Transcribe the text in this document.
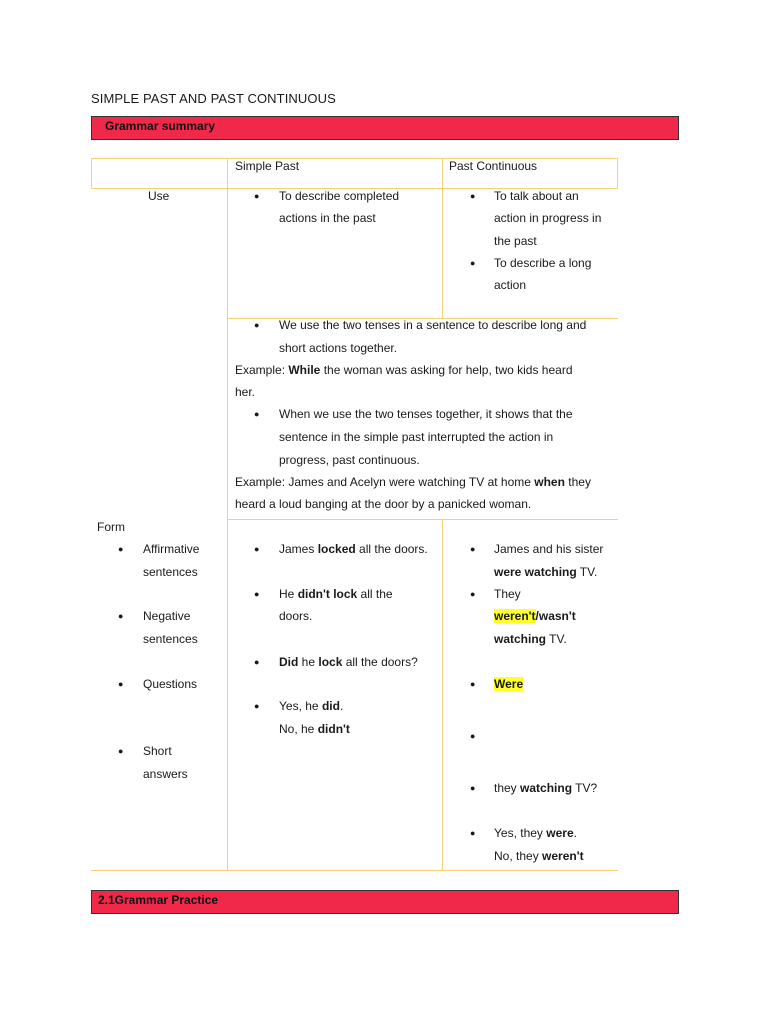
SIMPLE PAST AND PAST CONTINUOUS
Grammar summary
Simple Past	Past Continuous
Use	● To describe completed
actions in the past
● To talk about an
action in progress in
the past
● To describe a long
action
● We use the two tenses in a sentence to describe long and
short actions together.
Example: While the woman was asking for help, two kids heard
her.
● When we use the two tenses together, it shows that the
sentence in the simple past interrupted the action in
progress, past continuous.
Example: James and Acelyn were watching TV at home when they
heard a loud banging at the door by a panicked woman.
Form
● Affirmative
sentences
● Negative
sentences
● Questions
● Short
answers
● James locked all the doors.
● He didn't lock all the
doors.
● Did he lock all the doors?
● Yes, he did.
No, he didn't
● James and his sister
were watching TV.
● They
weren't/wasn't
watching TV.
● Were
●
● they watching TV?
● Yes, they were.
No, they weren't
2.1Grammar Practice
